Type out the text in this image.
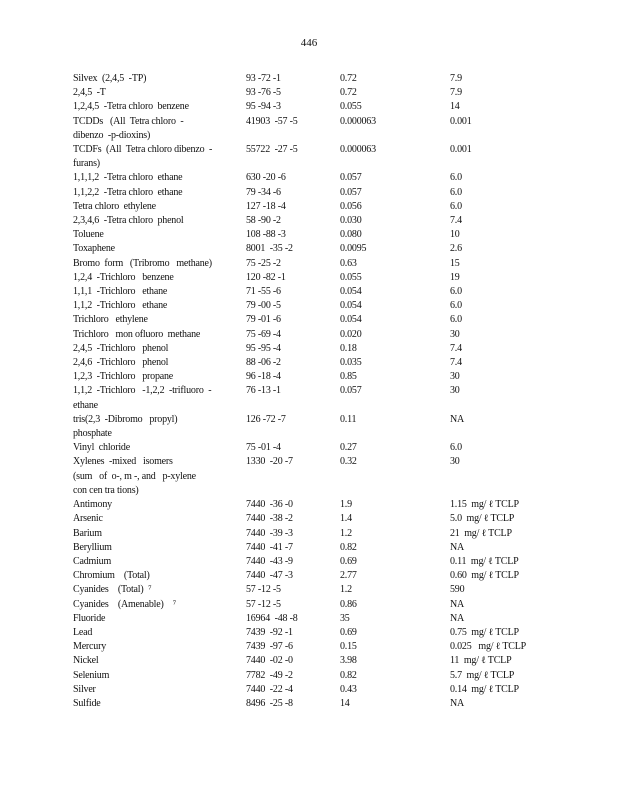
446
Silvex  (2,4,5  -TP)	93 -72 -1	0.72	7.9
2,4,5  -T	93 -76 -5	0.72	7.9
1,2,4,5  -Tetra chloro  benzene	95 -94 -3	0.055	14
TCDDs   (All  Tetra chloro  -
dibenzo  -p-dioxins)	41903  -57 -5	0.000063	0.001
TCDFs  (All  Tetra chloro dibenzo  -
furans)	55722  -27 -5	0.000063	0.001
1,1,1,2  -Tetra chloro  ethane	630 -20 -6	0.057	6.0
1,1,2,2  -Tetra chloro  ethane	79 -34 -6	0.057	6.0
Tetra chloro  ethylene	127 -18 -4	0.056	6.0
2,3,4,6  -Tetra chloro  phenol	58 -90 -2	0.030	7.4
Toluene	108 -88 -3	0.080	10
Toxaphene	8001  -35 -2	0.0095	2.6
Bromo  form   (Tribromo   methane)	75 -25 -2	0.63	15
1,2,4  -Trichloro   benzene	120 -82 -1	0.055	19
1,1,1  -Trichloro   ethane	71 -55 -6	0.054	6.0
1,1,2  -Trichloro   ethane	79 -00 -5	0.054	6.0
Trichloro   ethylene	79 -01 -6	0.054	6.0
Trichloro   mon ofluoro  methane	75 -69 -4	0.020	30
2,4,5  -Trichloro   phenol	95 -95 -4	0.18	7.4
2,4,6  -Trichloro   phenol	88 -06 -2	0.035	7.4
1,2,3  -Trichloro   propane	96 -18 -4	0.85	30
1,1,2  -Trichloro   -1,2,2  -trifluoro  -
ethane	76 -13 -1	0.057	30
tris(2,3  -Dibromo   propyl)
phosphate	126 -72 -7	0.11	NA
Vinyl  chloride	75 -01 -4	0.27	6.0
Xylenes  -mixed   isomers
(sum   of  o-, m -, and   p-xylene
con cen tra tions)	1330  -20 -7	0.32	30
Antimony	7440  -36 -0	1.9	1.15  mg/ ℓ TCLP
Arsenic	7440  -38 -2	1.4	5.0  mg/ ℓ TCLP
Barium	7440  -39 -3	1.2	21  mg/ ℓ TCLP
Beryllium	7440  -41 -7	0.82	NA
Cadmium	7440  -43 -9	0.69	0.11  mg/ ℓ TCLP
Chromium    (Total)	7440  -47 -3	2.77	0.60  mg/ ℓ TCLP
Cyanides    (Total)  ⁷	57 -12 -5	1.2	590
Cyanides    (Amenable)    ⁷	57 -12 -5	0.86	NA
Fluoride	16964  -48 -8	35	NA
Lead	7439  -92 -1	0.69	0.75  mg/ ℓ TCLP
Mercury	7439  -97 -6	0.15	0.025   mg/ ℓ TCLP
Nickel	7440  -02 -0	3.98	11  mg/ ℓ TCLP
Selenium	7782  -49 -2	0.82	5.7  mg/ ℓ TCLP
Silver	7440  -22 -4	0.43	0.14  mg/ ℓ TCLP
Sulfide	8496  -25 -8	14	NA
